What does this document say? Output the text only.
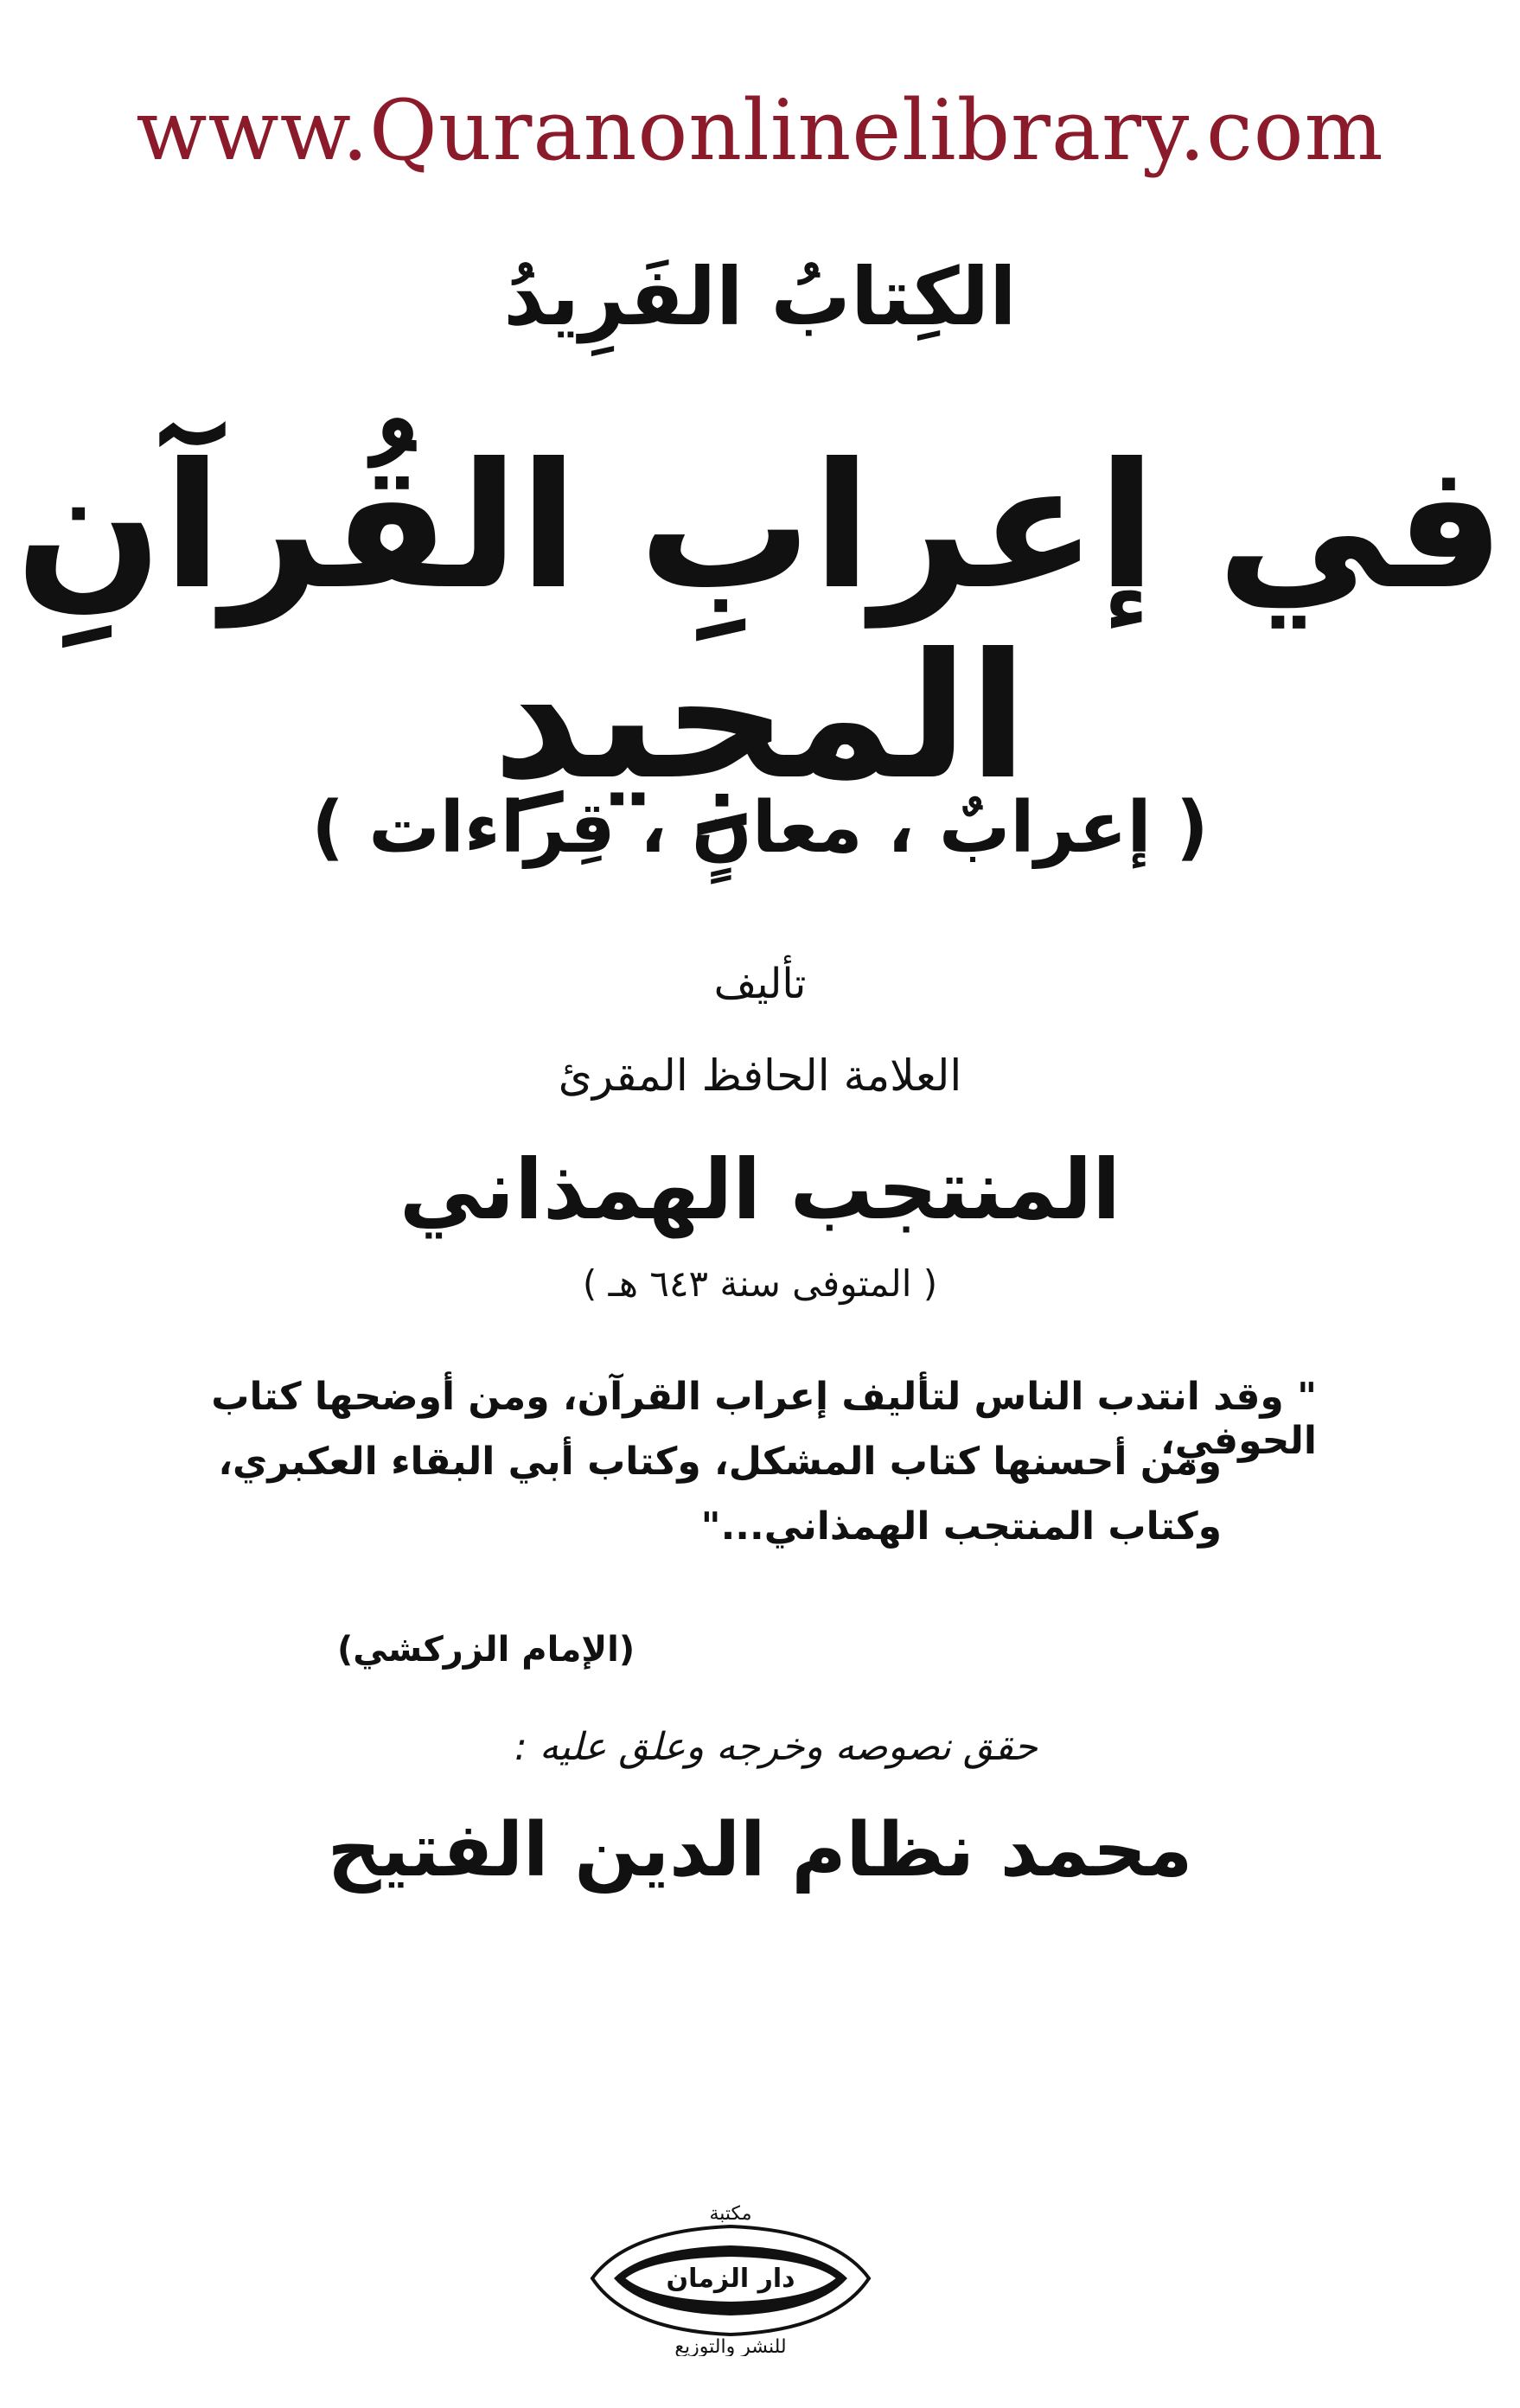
www.Quranonlinelibrary.com
الكِتابُ الفَرِيدُ
في إعرابِ القُرآنِ المجِيدِ
( إعرابٌ ، معانٍ ، قِراءات )
تأليف
العلامة الحافظ المقرئ
المنتجب الهمذاني
( المتوفى سنة ٦٤٣ هـ )
" وقد انتدب الناس لتأليف إعراب القرآن، ومن أوضحها كتاب الحوفي،
ومن أحسنها كتاب المشكل، وكتاب أبي البقاء العكبري،
وكتاب المنتجب الهمذاني..."
(الإمام الزركشي)
حقق نصوصه وخرجه وعلق عليه :
محمد نظام الدين الفتيح
مكتبة
دار الزمان
للنشر والتوزيع
